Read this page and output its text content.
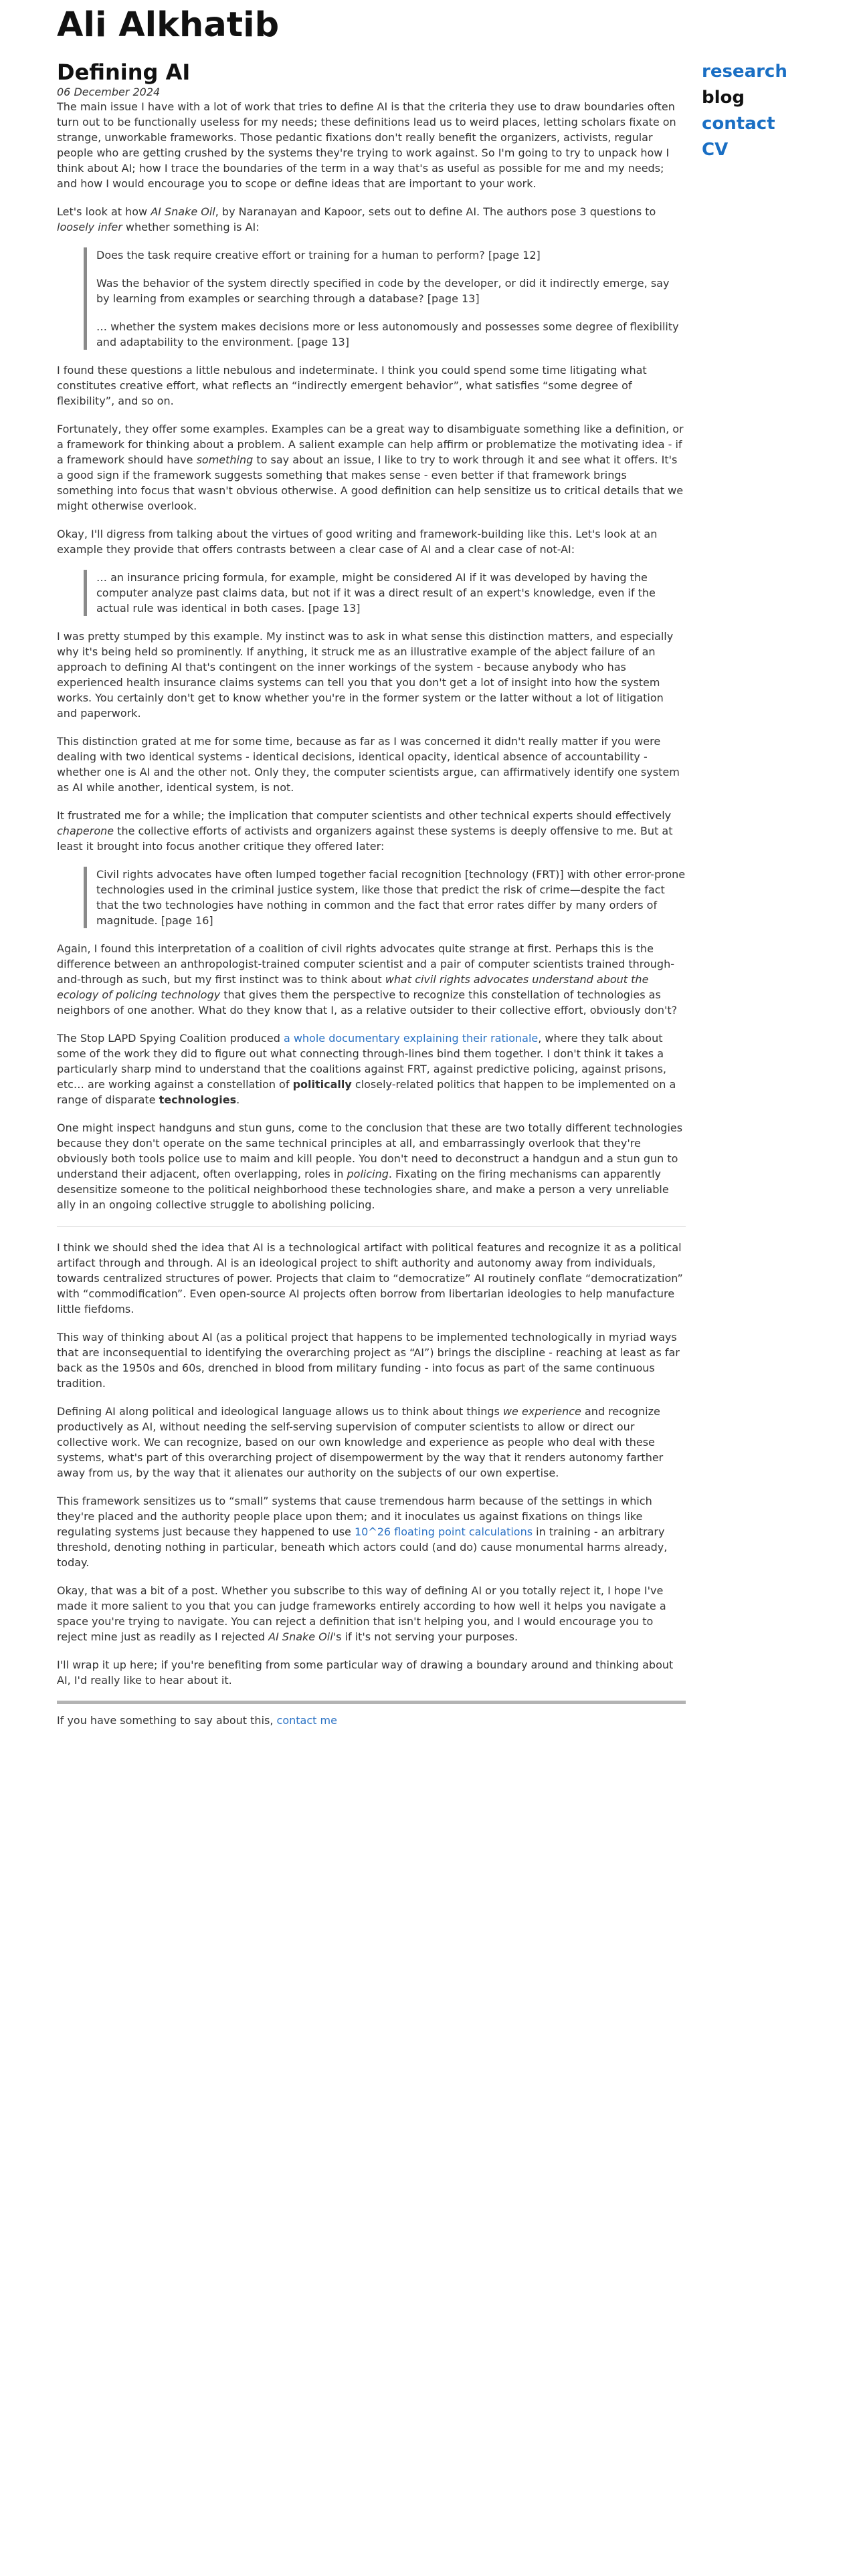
Ali Alkhatib
research
blog
contact
CV
Defining AI
06 December 2024

The main issue I have with a lot of work that tries to define AI is that the criteria they use to draw boundaries often turn out to be functionally useless for my needs; these definitions lead us to weird places, letting scholars fixate on strange, unworkable frameworks. Those pedantic fixations don't really benefit the organizers, activists, regular people who are getting crushed by the systems they're trying to work against. So I'm going to try to unpack how I think about AI; how I trace the boundaries of the term in a way that's as useful as possible for me and my needs; and how I would encourage you to scope or define ideas that are important to your work.

Let's look at how AI Snake Oil, by Naranayan and Kapoor, sets out to define AI. The authors pose 3 questions to loosely infer whether something is AI:

Does the task require creative effort or training for a human to perform? [page 12]

Was the behavior of the system directly specified in code by the developer, or did it indirectly emerge, say by learning from examples or searching through a database? [page 13]

… whether the system makes decisions more or less autonomously and possesses some degree of flexibility and adaptability to the environment. [page 13]

I found these questions a little nebulous and indeterminate. I think you could spend some time litigating what constitutes creative effort, what reflects an “indirectly emergent behavior”, what satisfies “some degree of flexibility”, and so on.

Fortunately, they offer some examples. Examples can be a great way to disambiguate something like a definition, or a framework for thinking about a problem. A salient example can help affirm or problematize the motivating idea - if a framework should have something to say about an issue, I like to try to work through it and see what it offers. It's a good sign if the framework suggests something that makes sense - even better if that framework brings something into focus that wasn't obvious otherwise. A good definition can help sensitize us to critical details that we might otherwise overlook.

Okay, I'll digress from talking about the virtues of good writing and framework-building like this. Let's look at an example they provide that offers contrasts between a clear case of AI and a clear case of not-AI:

… an insurance pricing formula, for example, might be considered AI if it was developed by having the computer analyze past claims data, but not if it was a direct result of an expert's knowledge, even if the actual rule was identical in both cases. [page 13]

I was pretty stumped by this example. My instinct was to ask in what sense this distinction matters, and especially why it's being held so prominently. If anything, it struck me as an illustrative example of the abject failure of an approach to defining AI that's contingent on the inner workings of the system - because anybody who has experienced health insurance claims systems can tell you that you don't get a lot of insight into how the system works. You certainly don't get to know whether you're in the former system or the latter without a lot of litigation and paperwork.

This distinction grated at me for some time, because as far as I was concerned it didn't really matter if you were dealing with two identical systems - identical decisions, identical opacity, identical absence of accountability - whether one is AI and the other not. Only they, the computer scientists argue, can affirmatively identify one system as AI while another, identical system, is not.

It frustrated me for a while; the implication that computer scientists and other technical experts should effectively chaperone the collective efforts of activists and organizers against these systems is deeply offensive to me. But at least it brought into focus another critique they offered later:

Civil rights advocates have often lumped together facial recognition [technology (FRT)] with other error-prone technologies used in the criminal justice system, like those that predict the risk of crime—despite the fact that the two technologies have nothing in common and the fact that error rates differ by many orders of magnitude. [page 16]

Again, I found this interpretation of a coalition of civil rights advocates quite strange at first. Perhaps this is the difference between an anthropologist-trained computer scientist and a pair of computer scientists trained through-and-through as such, but my first instinct was to think about what civil rights advocates understand about the ecology of policing technology that gives them the perspective to recognize this constellation of technologies as neighbors of one another. What do they know that I, as a relative outsider to their collective effort, obviously don't?

The Stop LAPD Spying Coalition produced a whole documentary explaining their rationale, where they talk about some of the work they did to figure out what connecting through-lines bind them together. I don't think it takes a particularly sharp mind to understand that the coalitions against FRT, against predictive policing, against prisons, etc… are working against a constellation of politically closely-related politics that happen to be implemented on a range of disparate technologies.

One might inspect handguns and stun guns, come to the conclusion that these are two totally different technologies because they don't operate on the same technical principles at all, and embarrassingly overlook that they're obviously both tools police use to maim and kill people. You don't need to deconstruct a handgun and a stun gun to understand their adjacent, often overlapping, roles in policing. Fixating on the firing mechanisms can apparently desensitize someone to the political neighborhood these technologies share, and make a person a very unreliable ally in an ongoing collective struggle to abolishing policing.

I think we should shed the idea that AI is a technological artifact with political features and recognize it as a political artifact through and through. AI is an ideological project to shift authority and autonomy away from individuals, towards centralized structures of power. Projects that claim to “democratize” AI routinely conflate “democratization” with “commodification”. Even open-source AI projects often borrow from libertarian ideologies to help manufacture little fiefdoms.

This way of thinking about AI (as a political project that happens to be implemented technologically in myriad ways that are inconsequential to identifying the overarching project as “AI”) brings the discipline - reaching at least as far back as the 1950s and 60s, drenched in blood from military funding - into focus as part of the same continuous tradition.

Defining AI along political and ideological language allows us to think about things we experience and recognize productively as AI, without needing the self-serving supervision of computer scientists to allow or direct our collective work. We can recognize, based on our own knowledge and experience as people who deal with these systems, what's part of this overarching project of disempowerment by the way that it renders autonomy farther away from us, by the way that it alienates our authority on the subjects of our own expertise.

This framework sensitizes us to “small” systems that cause tremendous harm because of the settings in which they're placed and the authority people place upon them; and it inoculates us against fixations on things like regulating systems just because they happened to use 10^26 floating point calculations in training - an arbitrary threshold, denoting nothing in particular, beneath which actors could (and do) cause monumental harms already, today.

Okay, that was a bit of a post. Whether you subscribe to this way of defining AI or you totally reject it, I hope I've made it more salient to you that you can judge frameworks entirely according to how well it helps you navigate a space you're trying to navigate. You can reject a definition that isn't helping you, and I would encourage you to reject mine just as readily as I rejected AI Snake Oil's if it's not serving your purposes.

I'll wrap it up here; if you're benefiting from some particular way of drawing a boundary around and thinking about AI, I'd really like to hear about it.

If you have something to say about this, contact me
